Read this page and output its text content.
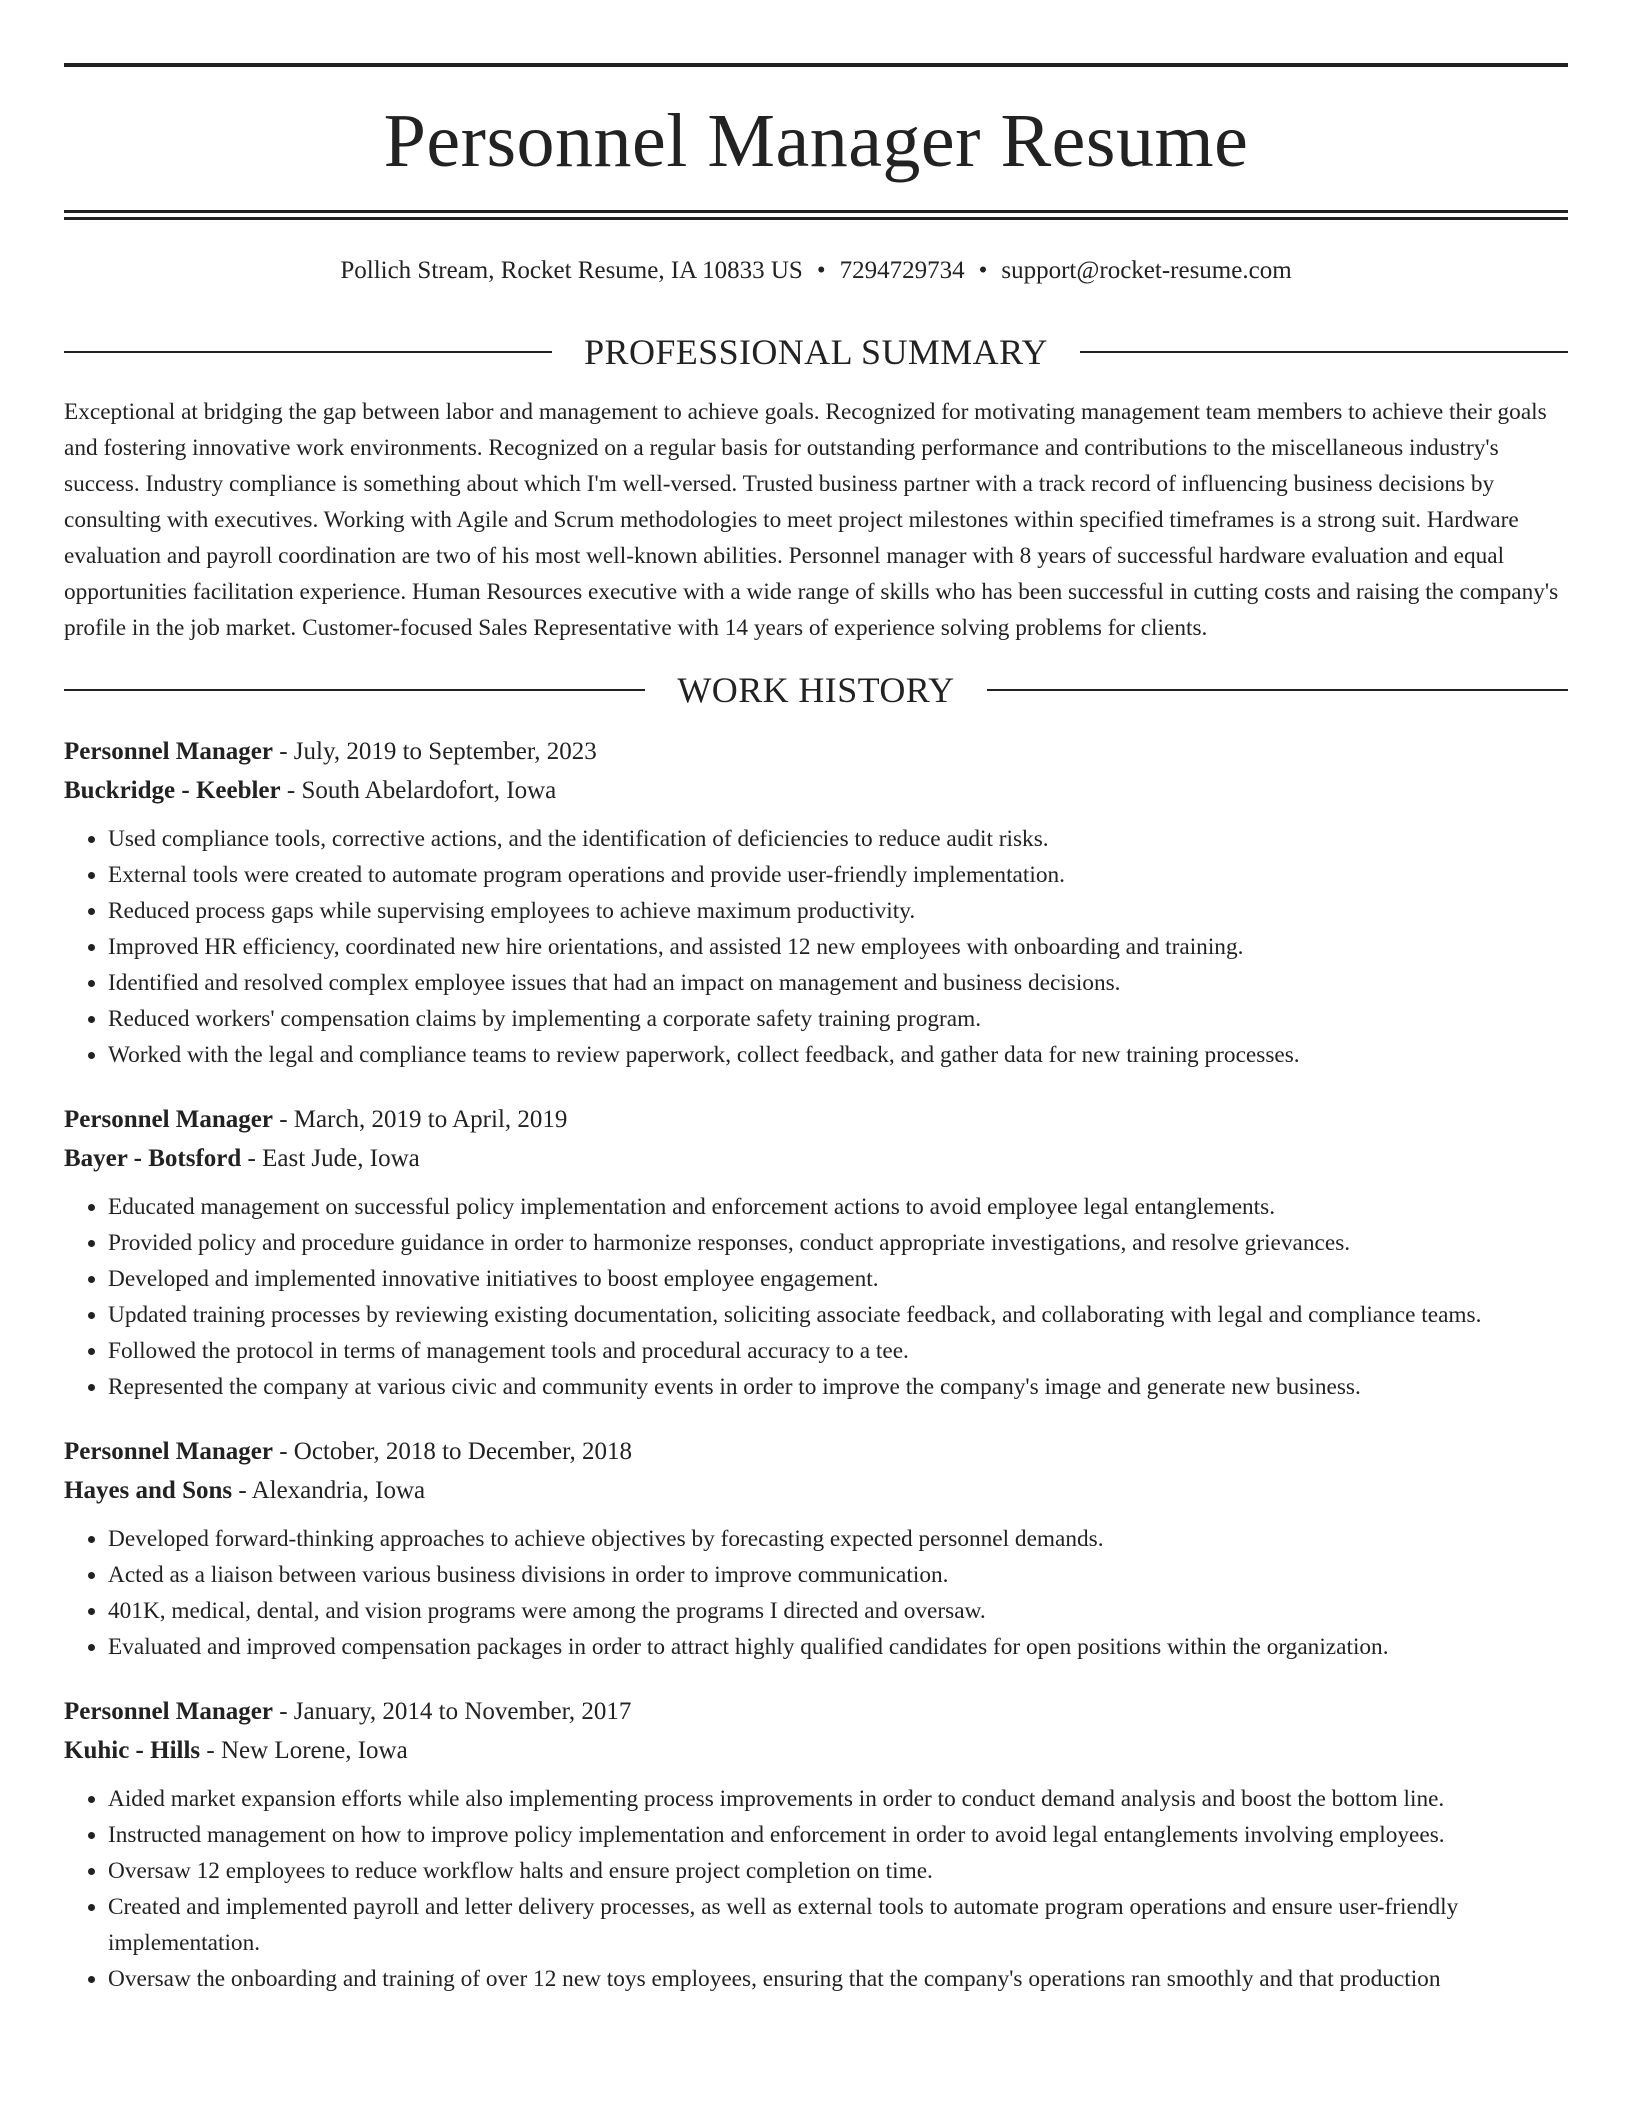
Personnel Manager Resume
Pollich Stream, Rocket Resume, IA 10833 US • 7294729734 • support@rocket-resume.com
PROFESSIONAL SUMMARY
Exceptional at bridging the gap between labor and management to achieve goals. Recognized for motivating management team members to achieve their goals and fostering innovative work environments. Recognized on a regular basis for outstanding performance and contributions to the miscellaneous industry's success. Industry compliance is something about which I'm well-versed. Trusted business partner with a track record of influencing business decisions by consulting with executives. Working with Agile and Scrum methodologies to meet project milestones within specified timeframes is a strong suit. Hardware evaluation and payroll coordination are two of his most well-known abilities. Personnel manager with 8 years of successful hardware evaluation and equal opportunities facilitation experience. Human Resources executive with a wide range of skills who has been successful in cutting costs and raising the company's profile in the job market. Customer-focused Sales Representative with 14 years of experience solving problems for clients.
WORK HISTORY
Personnel Manager - July, 2019 to September, 2023
Buckridge - Keebler - South Abelardofort, Iowa
• Used compliance tools, corrective actions, and the identification of deficiencies to reduce audit risks.
• External tools were created to automate program operations and provide user-friendly implementation.
• Reduced process gaps while supervising employees to achieve maximum productivity.
• Improved HR efficiency, coordinated new hire orientations, and assisted 12 new employees with onboarding and training.
• Identified and resolved complex employee issues that had an impact on management and business decisions.
• Reduced workers' compensation claims by implementing a corporate safety training program.
• Worked with the legal and compliance teams to review paperwork, collect feedback, and gather data for new training processes.
Personnel Manager - March, 2019 to April, 2019
Bayer - Botsford - East Jude, Iowa
• Educated management on successful policy implementation and enforcement actions to avoid employee legal entanglements.
• Provided policy and procedure guidance in order to harmonize responses, conduct appropriate investigations, and resolve grievances.
• Developed and implemented innovative initiatives to boost employee engagement.
• Updated training processes by reviewing existing documentation, soliciting associate feedback, and collaborating with legal and compliance teams.
• Followed the protocol in terms of management tools and procedural accuracy to a tee.
• Represented the company at various civic and community events in order to improve the company's image and generate new business.
Personnel Manager - October, 2018 to December, 2018
Hayes and Sons - Alexandria, Iowa
• Developed forward-thinking approaches to achieve objectives by forecasting expected personnel demands.
• Acted as a liaison between various business divisions in order to improve communication.
• 401K, medical, dental, and vision programs were among the programs I directed and oversaw.
• Evaluated and improved compensation packages in order to attract highly qualified candidates for open positions within the organization.
Personnel Manager - January, 2014 to November, 2017
Kuhic - Hills - New Lorene, Iowa
• Aided market expansion efforts while also implementing process improvements in order to conduct demand analysis and boost the bottom line.
• Instructed management on how to improve policy implementation and enforcement in order to avoid legal entanglements involving employees.
• Oversaw 12 employees to reduce workflow halts and ensure project completion on time.
• Created and implemented payroll and letter delivery processes, as well as external tools to automate program operations and ensure user-friendly implementation.
• Oversaw the onboarding and training of over 12 new toys employees, ensuring that the company's operations ran smoothly and that production
